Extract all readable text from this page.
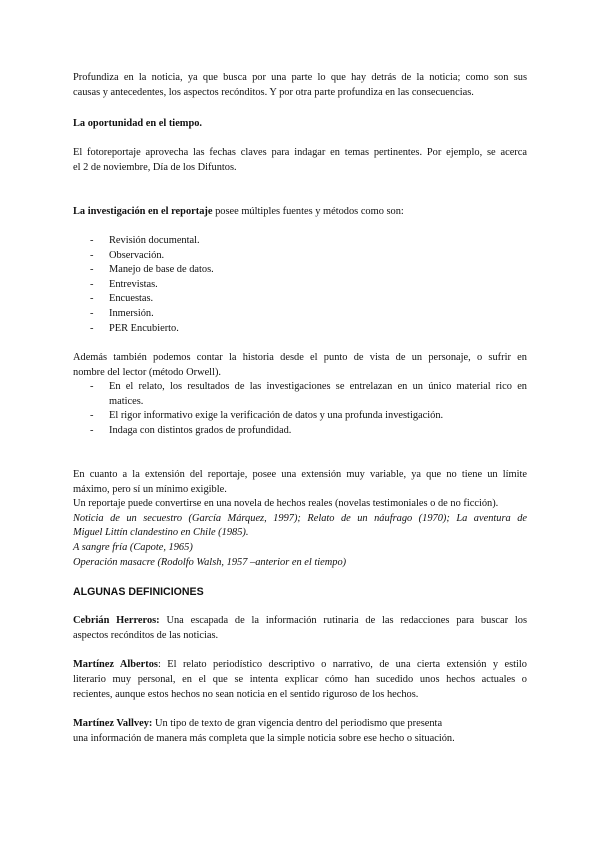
Profundiza en la noticia, ya que busca por una parte lo que hay detrás de la noticia; como son sus

causas y antecedentes, los aspectos recónditos. Y por otra parte profundiza en las consecuencias.

La oportunidad en el tiempo.

El fotoreportaje aprovecha las fechas claves para indagar en temas pertinentes. Por ejemplo, se acerca

el 2 de noviembre, Día de los Difuntos.

La investigación en el reportaje posee múltiples fuentes y métodos como son:

- Revisión documental.
- Observación.
- Manejo de base de datos.
- Entrevistas.
- Encuestas.
- Inmersión.
- PER Encubierto.

Además también podemos contar la historia desde el punto de vista de un personaje, o sufrir en

nombre del lector (método Orwell).

- En el relato, los resultados de las investigaciones se entrelazan en un único material rico en
matices.
- El rigor informativo exige la verificación de datos y una profunda investigación.
- Indaga con distintos grados de profundidad.

En cuanto a la extensión del reportaje, posee una extensión muy variable, ya que no tiene un límite

máximo, pero sí un mínimo exigible.

Un reportaje puede convertirse en una novela de hechos reales (novelas testimoniales o de no ficción).

Noticia de un secuestro (García Márquez, 1997); Relato de un náufrago (1970); La aventura de

Miguel Littín clandestino en Chile (1985).

A sangre fría (Capote, 1965)

Operación masacre (Rodolfo Walsh, 1957 –anterior en el tiempo)

ALGUNAS DEFINICIONES

Cebrián Herreros: Una escapada de la información rutinaria de las redacciones para buscar los

aspectos recónditos de las noticias.

Martínez Albertos: El relato periodístico descriptivo o narrativo, de una cierta extensión y estilo

literario muy personal, en el que se intenta explicar cómo han sucedido unos hechos actuales o

recientes, aunque estos hechos no sean noticia en el sentido riguroso de los hechos.

Martínez Vallvey: Un tipo de texto de gran vigencia dentro del periodismo que presenta

una información de manera más completa que la simple noticia sobre ese hecho o situación.
